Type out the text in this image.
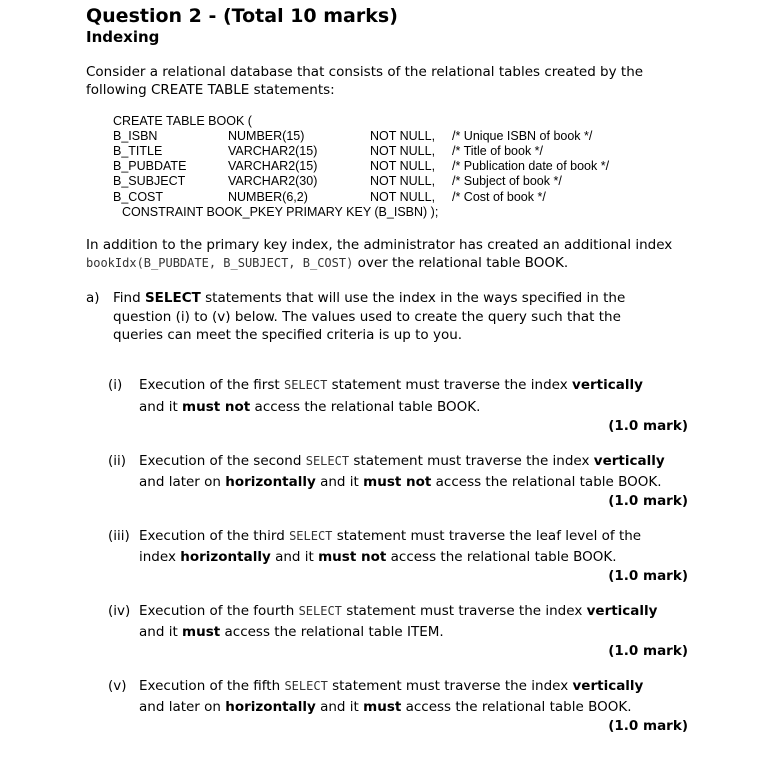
Question 2 - (Total 10 marks)
Indexing
Consider a relational database that consists of the relational tables created by the
following CREATE TABLE statements:
CREATE TABLE BOOK (
B_ISBN	NUMBER(15)	NOT NULL, /* Unique ISBN of book */
B_TITLE	VARCHAR2(15)	NOT NULL, /* Title of book */
B_PUBDATE	VARCHAR2(15)	NOT NULL, /* Publication date of book */
B_SUBJECT	VARCHAR2(30)	NOT NULL, /* Subject of book */
B_COST	NUMBER(6,2)	NOT NULL, /* Cost of book */
CONSTRAINT BOOK_PKEY PRIMARY KEY (B_ISBN) );
In addition to the primary key index, the administrator has created an additional index
bookIdx(B_PUBDATE, B_SUBJECT, B_COST) over the relational table BOOK.
a) Find SELECT statements that will use the index in the ways specified in the
question (i) to (v) below. The values used to create the query such that the
queries can meet the specified criteria is up to you.
(i) Execution of the first SELECT statement must traverse the index vertically
and it must not access the relational table BOOK.
(1.0 mark)
(ii) Execution of the second SELECT statement must traverse the index vertically
and later on horizontally and it must not access the relational table BOOK.
(1.0 mark)
(iii) Execution of the third SELECT statement must traverse the leaf level of the
index horizontally and it must not access the relational table BOOK.
(1.0 mark)
(iv) Execution of the fourth SELECT statement must traverse the index vertically
and it must access the relational table ITEM.
(1.0 mark)
(v) Execution of the fifth SELECT statement must traverse the index vertically
and later on horizontally and it must access the relational table BOOK.
(1.0 mark)
